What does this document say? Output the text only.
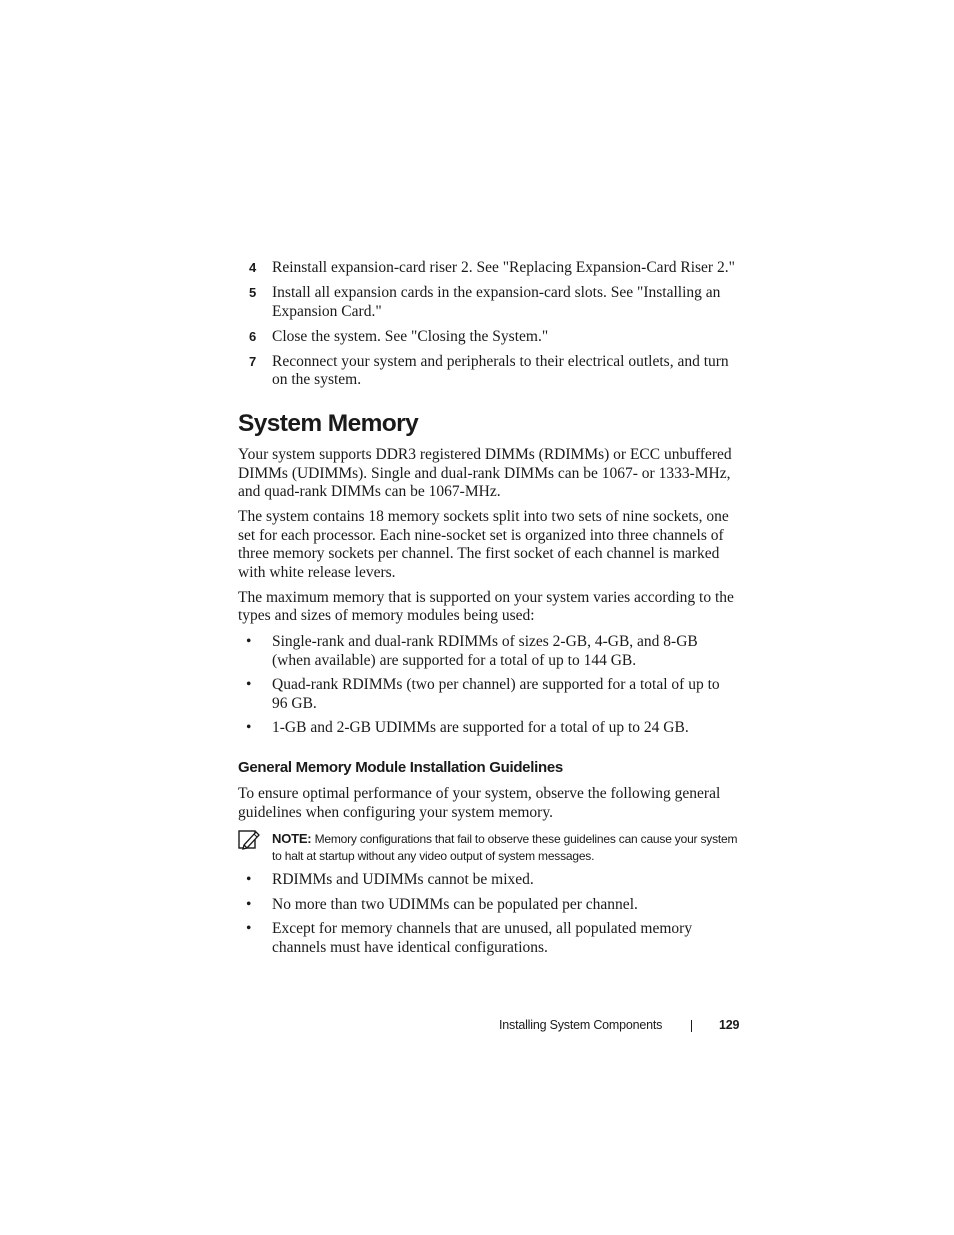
4	Reinstall expansion-card riser 2. See "Replacing Expansion-Card Riser 2."
5	Install all expansion cards in the expansion-card slots. See "Installing an Expansion Card."
6	Close the system. See "Closing the System."
7	Reconnect your system and peripherals to their electrical outlets, and turn on the system.
System Memory

Your system supports DDR3 registered DIMMs (RDIMMs) or ECC unbuffered DIMMs (UDIMMs). Single and dual-rank DIMMs can be 1067- or 1333-MHz, and quad-rank DIMMs can be 1067-MHz.

The system contains 18 memory sockets split into two sets of nine sockets, one set for each processor. Each nine-socket set is organized into three channels of three memory sockets per channel. The first socket of each channel is marked with white release levers.

The maximum memory that is supported on your system varies according to the types and sizes of memory modules being used:

•	Single-rank and dual-rank RDIMMs of sizes 2-GB, 4-GB, and 8-GB (when available) are supported for a total of up to 144 GB.
•	Quad-rank RDIMMs (two per channel) are supported for a total of up to 96 GB.
•	1-GB and 2-GB UDIMMs are supported for a total of up to 24 GB.
General Memory Module Installation Guidelines

To ensure optimal performance of your system, observe the following general guidelines when configuring your system memory.

NOTE: Memory configurations that fail to observe these guidelines can cause your system to halt at startup without any video output of system messages.
•	RDIMMs and UDIMMs cannot be mixed.
•	No more than two UDIMMs can be populated per channel.
•	Except for memory channels that are unused, all populated memory channels must have identical configurations.
Installing System Components	129
